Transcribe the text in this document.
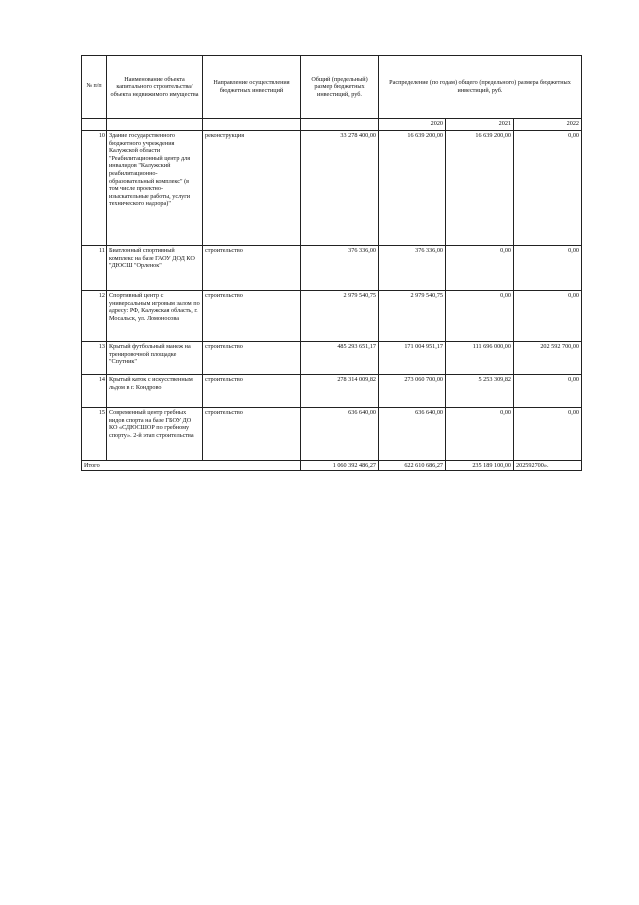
№ п/п	Наименование объекта капитального строительства/объекта недвижимого имущества	Направление осуществления бюджетных инвестиций	Общий (предельный) размер бюджетных инвестиций, руб.	Распределение (по годам) общего (предельного) размера бюджетных инвестиций, руб.		
				2020	2021	2022
10	Здание государственного бюджетного учреждения Калужской области "Реабилитационный центр для инвалидов "Калужский реабилитационно-образовательный комплекс" (в том числе проектно-изыскательные работы, услуги технического надзора)"	реконструкция	33 278 400,00	16 639 200,00	16 639 200,00	0,00
11	Биатлонный спортивный комплекс на базе ГАОУ ДОД КО "ДЮСШ "Орленок"	строительство	376 336,00	376 336,00	0,00	0,00
12	Спортивный центр с универсальным игровым залом по адресу: РФ, Калужская область, г. Мосальск, ул. Ломоносова	строительство	2 979 540,75	2 979 540,75	0,00	0,00
13	Крытый футбольный манеж на тренировочной площадке "Спутник"	строительство	485 293 651,17	171 004 951,17	111 696 000,00	202 592 700,00
14	Крытый каток с искусственным льдом в г. Кондрово	строительство	278 314 009,82	273 060 700,00	5 253 309,82	0,00
15	Современный центр гребных видов спорта на базе ГБОУ ДО КО «СДЮСШОР по гребному спорту». 2-й этап строительства	строительство	636 640,00	636 640,00	0,00	0,00
Итого			1 060 392 486,27	622 610 686,27	235 189 100,00	202592700».
